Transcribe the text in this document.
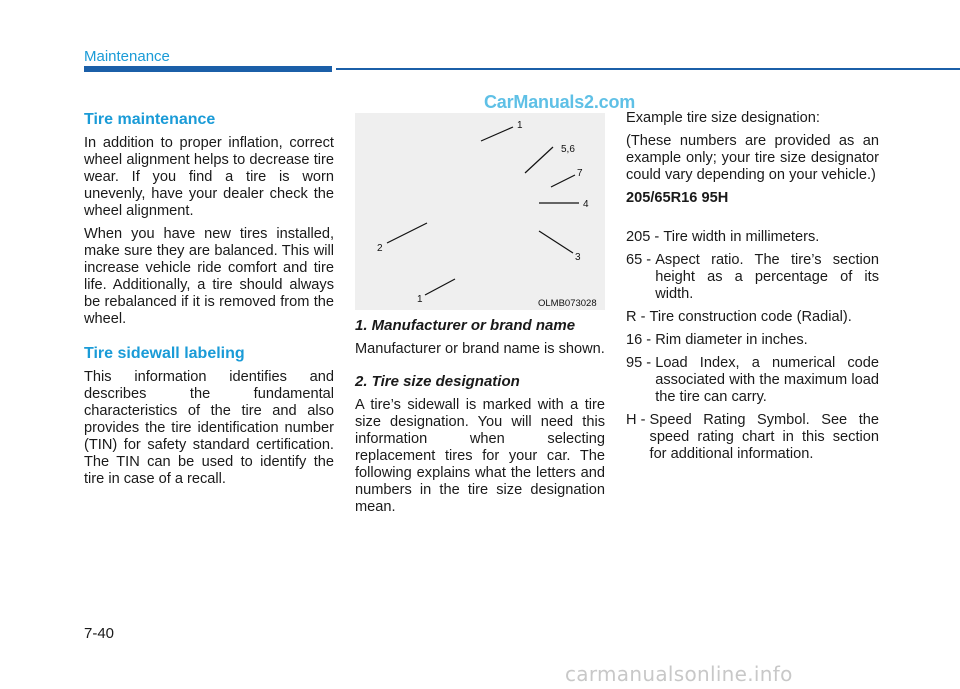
Maintenance
CarManuals2.com
Tire maintenance

In addition to proper inflation, correct wheel alignment helps to decrease tire wear. If you find a tire is worn unevenly, have your dealer check the wheel alignment.

When you have new tires installed, make sure they are balanced. This will increase vehicle ride comfort and tire life. Additionally, a tire should always be rebalanced if it is removed from the wheel.

Tire sidewall labeling

This information identifies and describes the fundamental characteristics of the tire and also provides the tire identification number (TIN) for safety standard certification. The TIN can be used to identify the tire in case of a recall.

1
5,6
7
4
2
3
1	OLMB073028
1. Manufacturer or brand name

Manufacturer or brand name is shown.

2. Tire size designation

A tire’s sidewall is marked with a tire size designation. You will need this information when selecting replacement tires for your car. The following explains what the letters and numbers in the tire size designation mean.

Example tire size designation:

(These numbers are provided as an example only; your tire size designator could vary depending on your vehicle.)

205/65R16 95H

205 - Tire width in millimeters.
65 - Aspect ratio. The tire’s section height as a percentage of its width.
R - Tire construction code (Radial).
16 - Rim diameter in inches.
95 - Load Index, a numerical code associated with the maximum load the tire can carry.
H - Speed Rating Symbol. See the speed rating chart in this section for additional information.
7-40
carmanualsonline.info
